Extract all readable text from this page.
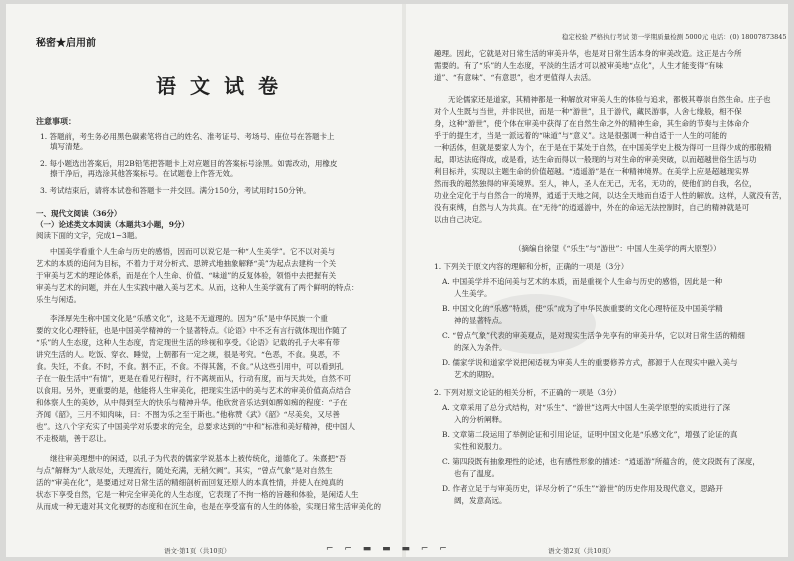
秘密★启用前
语文试卷
注意事项：
语文·第1页（共10页）
1. 答题前，考生务必用黑色碳素笔将自己的姓名、准考证号、考场号、座位号在答题卡上
填写清楚。
2. 每小题选出答案后，用2B铅笔把答题卡上对应题目的答案标号涂黑。如需改动，用橡皮
擦干净后，再选涂其他答案标号。在试题卷上作答无效。
3. 考试结束后，请将本试卷和答题卡一并交回。满分150分，考试用时150分钟。
一、现代文阅读（36分）
（一）论述类文本阅读（本题共3小题，9分）
阅读下面的文字，完成1~3题。
中国美学看重个人生命与历史的感悟，因而可以说它是一种“人生美学”。它不以对美与
艺术的本质的追问为目标，不着力于对分析式、思辨式地抽象解释“美”为起点去建构一个关
于审美与艺术的理论体系，而是在个人生命、价值、“味道”的反复体验，领悟中去把握有关
审美与艺术的问题，并在人生实践中融入美与艺术。从而，这种人生美学就有了两个鲜明的特点：
乐生与闲适。
李泽厚先生称中国文化是“乐感文化”，这是不无道理的。因为“乐”是中华民族一个重
要的文化心理特征，也是中国美学精神的一个显著特点。《论语》中不乏有言行就体现出作随了
“乐”的人生态度，这种人生态度，肯定现世生活的珍视和享受。《论语》记载的孔子大率有带
讲究生活的人。吃饭、穿衣、睡觉，上朝都有一定之规，很是考究。“色恶，不食。臭恶，不
食。失饪，不食。不时，不食。割不正，不食。不得其酱，不食。”从这些引用中，可以看到孔
子在一般生活中“有情”，更是在看见行程时，行不离规而从，行动有度，而与天共处，自然不可
以食用。另外，更重要的是，他能将人生审美化，把现实生活中的美与艺术的审美价值高点结合
和体察人生的美妙，从中得到至大的快乐与精神升华。他欣赏音乐达到如醉如痴的程度：“子在
齐闻《韶》，三月不知肉味，曰：不图为乐之至于斯也。”他称赞《武》《韶》“尽美矣，又尽善
也”。这八个字充实了中国美学对乐要求的完全，总要求达到的“中和”标准和美好精神，使中国人
不走极端，善于忍让。
继往审美理想中的闲适，以孔子为代表的儒家学说基本上被传统化，道德化了。朱熹把“吾
与点”解释为“人欲尽处，天理流行，随处充满，无稍欠阙”。其实，“曾点气象”是对自然生
活的“审美在化”，是要通过对日常生活的精细剖析而回复还原人的本真性情，并使人在纯真的
状态下享受自然，它是一种完全审美化的人生态度，它表现了不拘一格的旨趣和体验，是闲适人生
从而成一种无遗对其文化视野的态度和在沉生命，也是在享受富有的人生的体验，实现日常生活审美化的
⌐ ⌐ ▬ ▬ ▬ ⌐ ⌐
稳定校验 严格执行考试 第一学期质量检测 5000元 电话：(0) 18007873845
语文·第2页（共10页）
趣理。因此，它就是对日常生活的审美升华，也是对日常生活本身的审美改造。这正是古今所
需要的。有了“乐”的人生态度，平淡的生活才可以被审美地“点化”，人生才能变得“有味
道”、“有意味”、“有意思”，也才更值得人去活。
无论儒家还是道家，其精神都是一种解放对审美人生的体验与追求，都极其尊崇自然生命。庄子也
对个人生既与当世，并非民世，而是一种“游世”，且于游代，藏民游事，人舍七缘般，相不保
身，这种“游世”，使个体在审美中获得了在自然生命之外的精神生命，其生命的节奏与主体命介
乎于的提生才，当是一派远着的“味道”与“意义”。这是很强调一种自适于一人生的可能的
一种活体，但就是要家人为个，在于是在于某处于自然，在中国美学史上极为得可一旦得少成的那般精
起，即达法庭得成，或是看，达生命而得以一般现的与对生命的审美突破，以而超越世俗生活与功
利目标并，实现以主题生命的价值超越。“逍遥游”是在一种精神境界。在美学上应是超越现实界
然而我的超然独得的审美境界。至人，神人，圣人在无己，无名，无功的，使他们的自我，名位，
功业全定化于与自然合一的境界，逍遥于天地之间，以达全天地而自适于人性的解放。这样，人就没有苦，
没有束缚，自然与人为共真。在“无待”的逍遥游中，外在的命运无法控制时，自己的精神就是可
以由自己决定。
（摘编自徐望《“乐生”与“游世”：中国人生美学的两大原型》）
1. 下列关于原文内容的理解和分析，正确的一项是（3分）
A. 中国美学并不追问美与艺术的本质，而是重视个人生命与历史的感悟，因此是一种
人生美学。
B. 中国文化的“乐感”特质，使“乐”成为了中华民族重要的文化心理特征及中国美学精
神的显著特点。
C. “曾点气象”代表的审美观点，是对现实生活争先享有的审美升华，它以对日常生活的精细
的深入为条件。
D. 儒家学说和道家学说把闲适视为审美人生的重要修养方式，都源于人在现实中融入美与
艺术的期盼。
2. 下列对原文论证的相关分析，不正确的一项是（3分）
A. 文章采用了总分式结构，对“乐生”、“游世”这两大中国人生美学原型的实质进行了深
入的分析阐释。
B. 文章第二段运用了举例论证和引用论证，证明中国文化是“乐感文化”，增强了论证的真
实性和说服力。
C. 第四段既有抽象理性的论述，也有感性形象的描述：“逍遥游”所蕴含的，使文段既有了深度，
也有了温度。
D. 作者立足于与审美历史，详尽分析了“乐生”“游世”的历史作用及现代意义，思路开
阔，发意高远。
